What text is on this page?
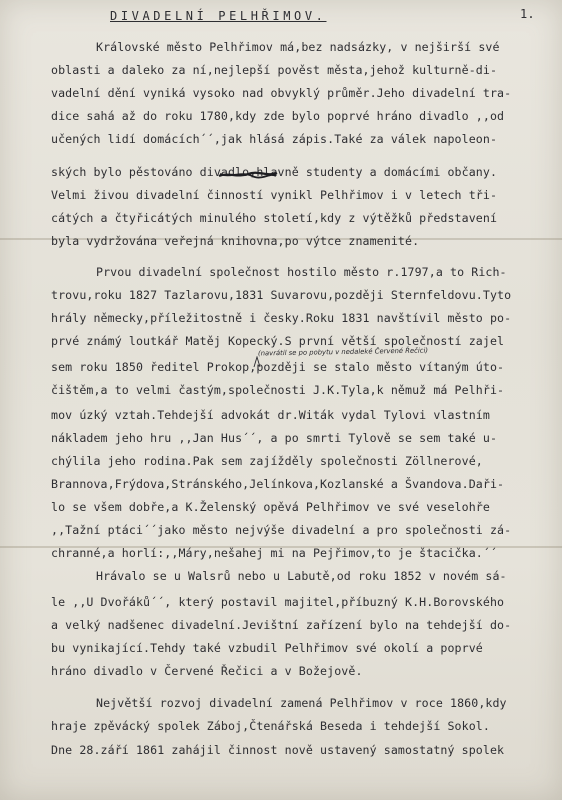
DIVADELNÍ PELHŘIMOV.	1.
Královské město Pelhřimov má,bez nadsázky, v nejširší své
oblasti a daleko za ní,nejlepší pověst města,jehož kulturně-di-
vadelní dění vyniká vysoko nad obvyklý průměr.Jeho divadelní tra-
dice sahá až do roku 1780,kdy zde bylo poprvé hráno divadlo ,,od
učených lidí domácích´´,jak hlásá zápis.Také za válek napoleon-
ských bylo pěstováno divadlo,hlavně studenty a domácími občany.
Velmi živou divadelní činností vynikl Pelhřimov i v letech tři-
cátých a čtyřicátých minulého století,kdy z výtěžků představení
byla vydržována veřejná knihovna,po výtce znamenité.
Prvou divadelní společnost hostilo město r.1797,a to Rich-
trovu,roku 1827 Tazlarovu,1831 Suvarovu,později Sternfeldovu.Tyto
hrály německy,příležitostně i česky.Roku 1831 navštívil město po-
prvé známý loutkář Matěj Kopecký.S první větší společností zajel
sem roku 1850 ředitel Prokop,později se stalo město vítaným úto-
čištěm,a to velmi častým,společnosti J.K.Tyla,k němuž má Pelhři-
mov úzký vztah.Tehdejší advokát dr.Witák vydal Tylovi vlastním
nákladem jeho hru ,,Jan Hus´´, a po smrti Tylově se sem také u-
chýlila jeho rodina.Pak sem zajížděly společnosti Zöllnerové,
Brannova,Frýdova,Stránského,Jelínkova,Kozlanské a Švandova.Daři-
lo se všem dobře,a K.Želenský opěvá Pelhřimov ve své veselohře
,,Tažní ptáci´´jako město nejvýše divadelní a pro společnosti zá-
chranné,a horlí:,,Máry,nešahej mi na Pejřimov,to je štacička.´´
Hrávalo se u Walsrů nebo u Labutě,od roku 1852 v novém sá-
le ,,U Dvořáků´´, který postavil majitel,příbuzný K.H.Borovského
a velký nadšenec divadelní.Jevištní zařízení bylo na tehdejší do-
bu vynikající.Tehdy také vzbudil Pelhřimov své okolí a poprvé
hráno divadlo v Červené Řečici a v Božejově.
Největší rozvoj divadelní zamená Pelhřimov v roce 1860,kdy
hraje zpěvácký spolek Záboj,Čtenářská Beseda i tehdejší Sokol.
Dne 28.září 1861 zahájil činnost nově ustavený samostatný spolek
(navrátil se po pobytu v nedaleké Červené Řečici)
